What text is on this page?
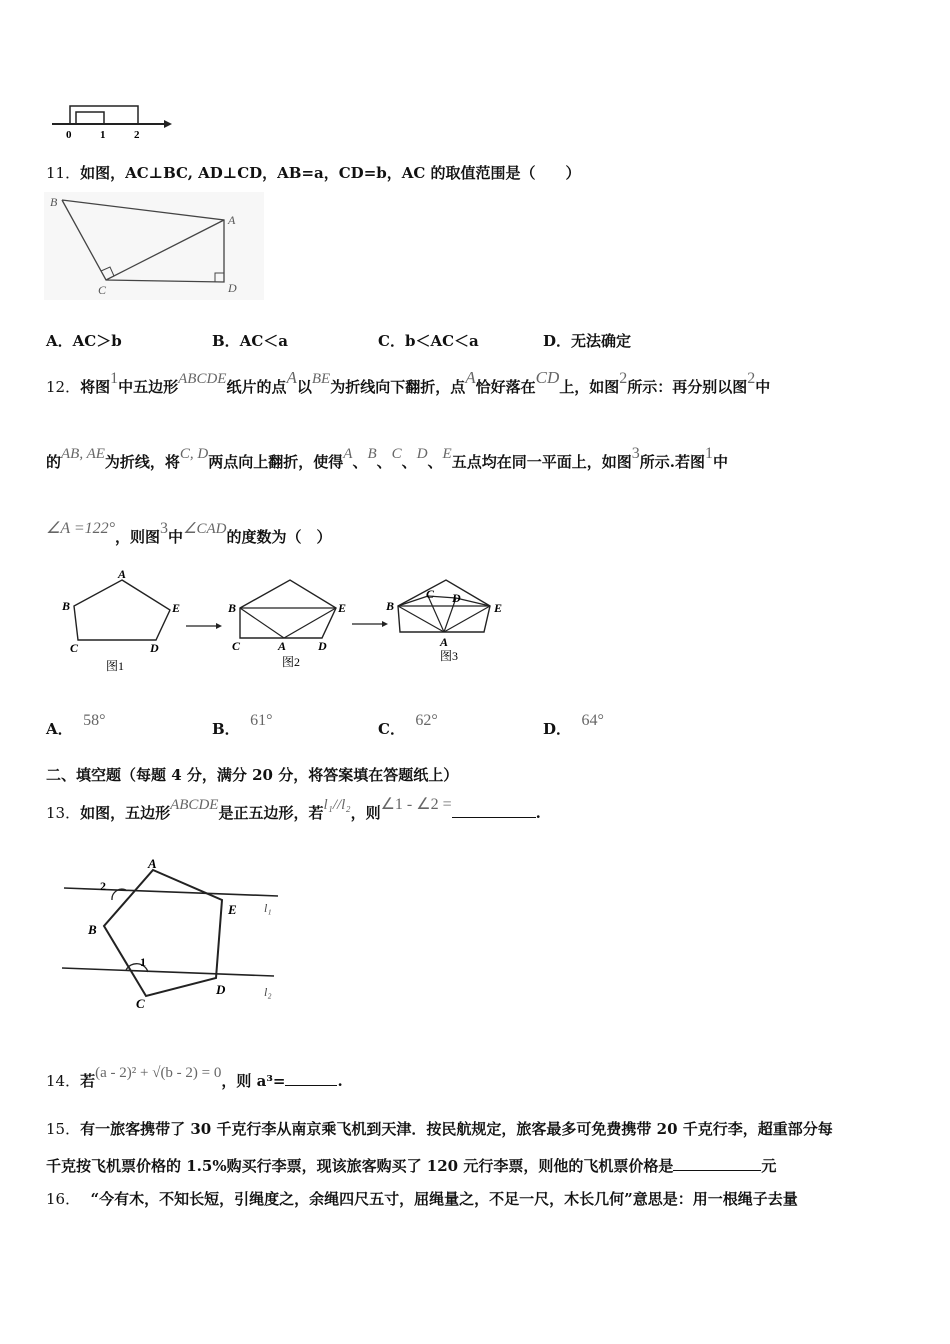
0	1	2
11．如图，AC⊥BC, AD⊥CD，AB=a，CD=b，AC 的取值范围是（　　）
B
A
C	D
A．AC＞b	B．AC＜a	C．b＜AC＜a	D．无法确定
12．将图1中五边形ABCDE纸片的点A以BE为折线向下翻折，点A恰好落在CD上，如图2所示：再分别以图2中
的AB, AE为折线，将C, D两点向上翻折，使得A、B、C、D、E五点均在同一平面上，如图3所示.若图1中
∠A =122°，则图3中∠CAD的度数为（　）
A
B	E
C	D
图1
B	E
C	A	D
图2
B
C D
E
A
图3
A． 58°	B． 61°	C． 62°	D． 64°
二、填空题（每题 4 分，满分 20 分，将答案填在答题纸上）
13．如图，五边形ABCDE是正五边形，若l₁//l₂，则∠1 - ∠2 =	.
A
B
C
D
E
1
2
l₁
l₂
14．若(a - 2)² + √(b - 2) = 0，则 a³=	.
15．有一旅客携带了 30 千克行李从南京乘飞机到天津．按民航规定，旅客最多可免费携带 20 千克行李，超重部分每
千克按飞机票价格的 1.5%购买行李票，现该旅客购买了 120 元行李票，则他的飞机票价格是	元
16． “今有木，不知长短，引绳度之，余绳四尺五寸，屈绳量之，不足一尺，木长几何”意思是：用一根绳子去量
